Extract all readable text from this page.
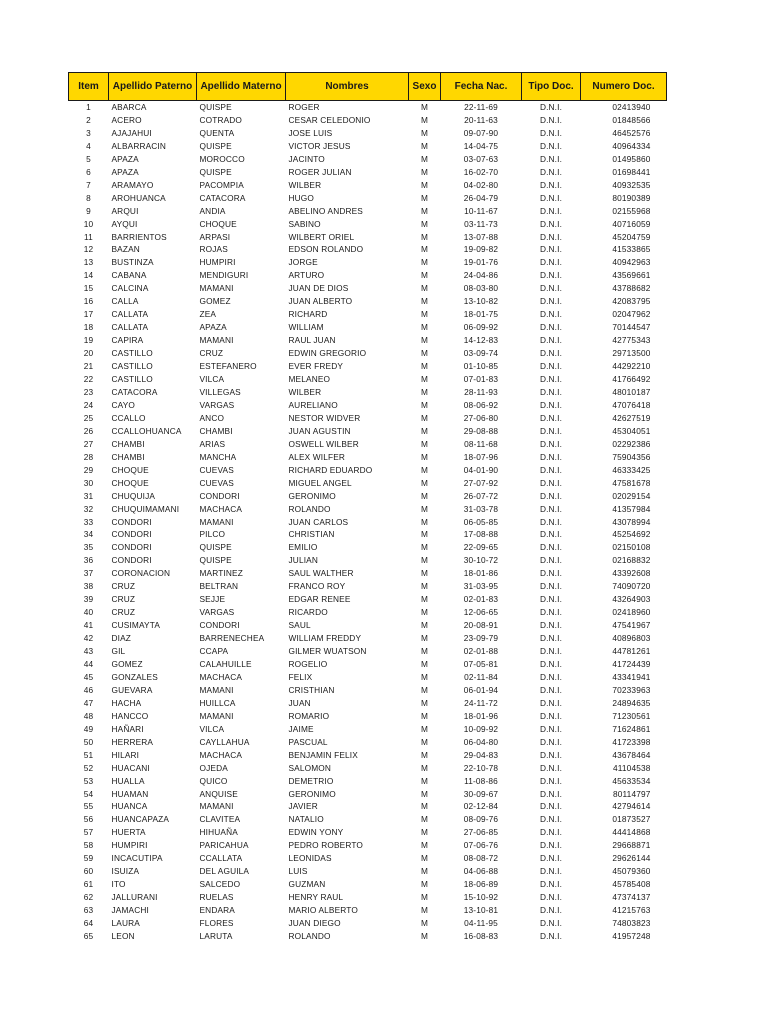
Item	Apellido Paterno	Apellido Materno	Nombres	Sexo	Fecha Nac.	Tipo Doc.	Numero Doc.
1	ABARCA	QUISPE	ROGER	M	22-11-69	D.N.I.	02413940
2	ACERO	COTRADO	CESAR CELEDONIO	M	20-11-63	D.N.I.	01848566
3	AJAJAHUI	QUENTA	JOSE LUIS	M	09-07-90	D.N.I.	46452576
4	ALBARRACIN	QUISPE	VICTOR JESUS	M	14-04-75	D.N.I.	40964334
5	APAZA	MOROCCO	JACINTO	M	03-07-63	D.N.I.	01495860
6	APAZA	QUISPE	ROGER JULIAN	M	16-02-70	D.N.I.	01698441
7	ARAMAYO	PACOMPIA	WILBER	M	04-02-80	D.N.I.	40932535
8	AROHUANCA	CATACORA	HUGO	M	26-04-79	D.N.I.	80190389
9	ARQUI	ANDIA	ABELINO ANDRES	M	10-11-67	D.N.I.	02155968
10	AYQUI	CHOQUE	SABINO	M	03-11-73	D.N.I.	40716059
11	BARRIENTOS	ARPASI	WILBERT ORIEL	M	13-07-88	D.N.I.	45204759
12	BAZAN	ROJAS	EDSON ROLANDO	M	19-09-82	D.N.I.	41533865
13	BUSTINZA	HUMPIRI	JORGE	M	19-01-76	D.N.I.	40942963
14	CABANA	MENDIGURI	ARTURO	M	24-04-86	D.N.I.	43569661
15	CALCINA	MAMANI	JUAN DE DIOS	M	08-03-80	D.N.I.	43788682
16	CALLA	GOMEZ	JUAN ALBERTO	M	13-10-82	D.N.I.	42083795
17	CALLATA	ZEA	RICHARD	M	18-01-75	D.N.I.	02047962
18	CALLATA	APAZA	WILLIAM	M	06-09-92	D.N.I.	70144547
19	CAPIRA	MAMANI	RAUL JUAN	M	14-12-83	D.N.I.	42775343
20	CASTILLO	CRUZ	EDWIN GREGORIO	M	03-09-74	D.N.I.	29713500
21	CASTILLO	ESTEFANERO	EVER FREDY	M	01-10-85	D.N.I.	44292210
22	CASTILLO	VILCA	MELANEO	M	07-01-83	D.N.I.	41766492
23	CATACORA	VILLEGAS	WILBER	M	28-11-93	D.N.I.	48010187
24	CAYO	VARGAS	AURELIANO	M	08-06-92	D.N.I.	47076418
25	CCALLO	ANCO	NESTOR WIDVER	M	27-06-80	D.N.I.	42627519
26	CCALLOHUANCA	CHAMBI	JUAN AGUSTIN	M	29-08-88	D.N.I.	45304051
27	CHAMBI	ARIAS	OSWELL WILBER	M	08-11-68	D.N.I.	02292386
28	CHAMBI	MANCHA	ALEX WILFER	M	18-07-96	D.N.I.	75904356
29	CHOQUE	CUEVAS	RICHARD EDUARDO	M	04-01-90	D.N.I.	46333425
30	CHOQUE	CUEVAS	MIGUEL ANGEL	M	27-07-92	D.N.I.	47581678
31	CHUQUIJA	CONDORI	GERONIMO	M	26-07-72	D.N.I.	02029154
32	CHUQUIMAMANI	MACHACA	ROLANDO	M	31-03-78	D.N.I.	41357984
33	CONDORI	MAMANI	JUAN CARLOS	M	06-05-85	D.N.I.	43078994
34	CONDORI	PILCO	CHRISTIAN	M	17-08-88	D.N.I.	45254692
35	CONDORI	QUISPE	EMILIO	M	22-09-65	D.N.I.	02150108
36	CONDORI	QUISPE	JULIAN	M	30-10-72	D.N.I.	02168832
37	CORONACION	MARTINEZ	SAUL WALTHER	M	18-01-86	D.N.I.	43392608
38	CRUZ	BELTRAN	FRANCO ROY	M	31-03-95	D.N.I.	74090720
39	CRUZ	SEJJE	EDGAR RENEE	M	02-01-83	D.N.I.	43264903
40	CRUZ	VARGAS	RICARDO	M	12-06-65	D.N.I.	02418960
41	CUSIMAYTA	CONDORI	SAUL	M	20-08-91	D.N.I.	47541967
42	DIAZ	BARRENECHEA	WILLIAM FREDDY	M	23-09-79	D.N.I.	40896803
43	GIL	CCAPA	GILMER WUATSON	M	02-01-88	D.N.I.	44781261
44	GOMEZ	CALAHUILLE	ROGELIO	M	07-05-81	D.N.I.	41724439
45	GONZALES	MACHACA	FELIX	M	02-11-84	D.N.I.	43341941
46	GUEVARA	MAMANI	CRISTHIAN	M	06-01-94	D.N.I.	70233963
47	HACHA	HUILLCA	JUAN	M	24-11-72	D.N.I.	24894635
48	HANCCO	MAMANI	ROMARIO	M	18-01-96	D.N.I.	71230561
49	HAÑARI	VILCA	JAIME	M	10-09-92	D.N.I.	71624861
50	HERRERA	CAYLLAHUA	PASCUAL	M	06-04-80	D.N.I.	41723398
51	HILARI	MACHACA	BENJAMIN FELIX	M	29-04-83	D.N.I.	43678464
52	HUACANI	OJEDA	SALOMON	M	22-10-78	D.N.I.	41104538
53	HUALLA	QUICO	DEMETRIO	M	11-08-86	D.N.I.	45633534
54	HUAMAN	ANQUISE	GERONIMO	M	30-09-67	D.N.I.	80114797
55	HUANCA	MAMANI	JAVIER	M	02-12-84	D.N.I.	42794614
56	HUANCAPAZA	CLAVITEA	NATALIO	M	08-09-76	D.N.I.	01873527
57	HUERTA	HIHUAÑA	EDWIN YONY	M	27-06-85	D.N.I.	44414868
58	HUMPIRI	PARICAHUA	PEDRO ROBERTO	M	07-06-76	D.N.I.	29668871
59	INCACUTIPA	CCALLATA	LEONIDAS	M	08-08-72	D.N.I.	29626144
60	ISUIZA	DEL AGUILA	LUIS	M	04-06-88	D.N.I.	45079360
61	ITO	SALCEDO	GUZMAN	M	18-06-89	D.N.I.	45785408
62	JALLURANI	RUELAS	HENRY RAUL	M	15-10-92	D.N.I.	47374137
63	JAMACHI	ENDARA	MARIO ALBERTO	M	13-10-81	D.N.I.	41215763
64	LAURA	FLORES	JUAN DIEGO	M	04-11-95	D.N.I.	74803823
65	LEON	LARUTA	ROLANDO	M	16-08-83	D.N.I.	41957248
